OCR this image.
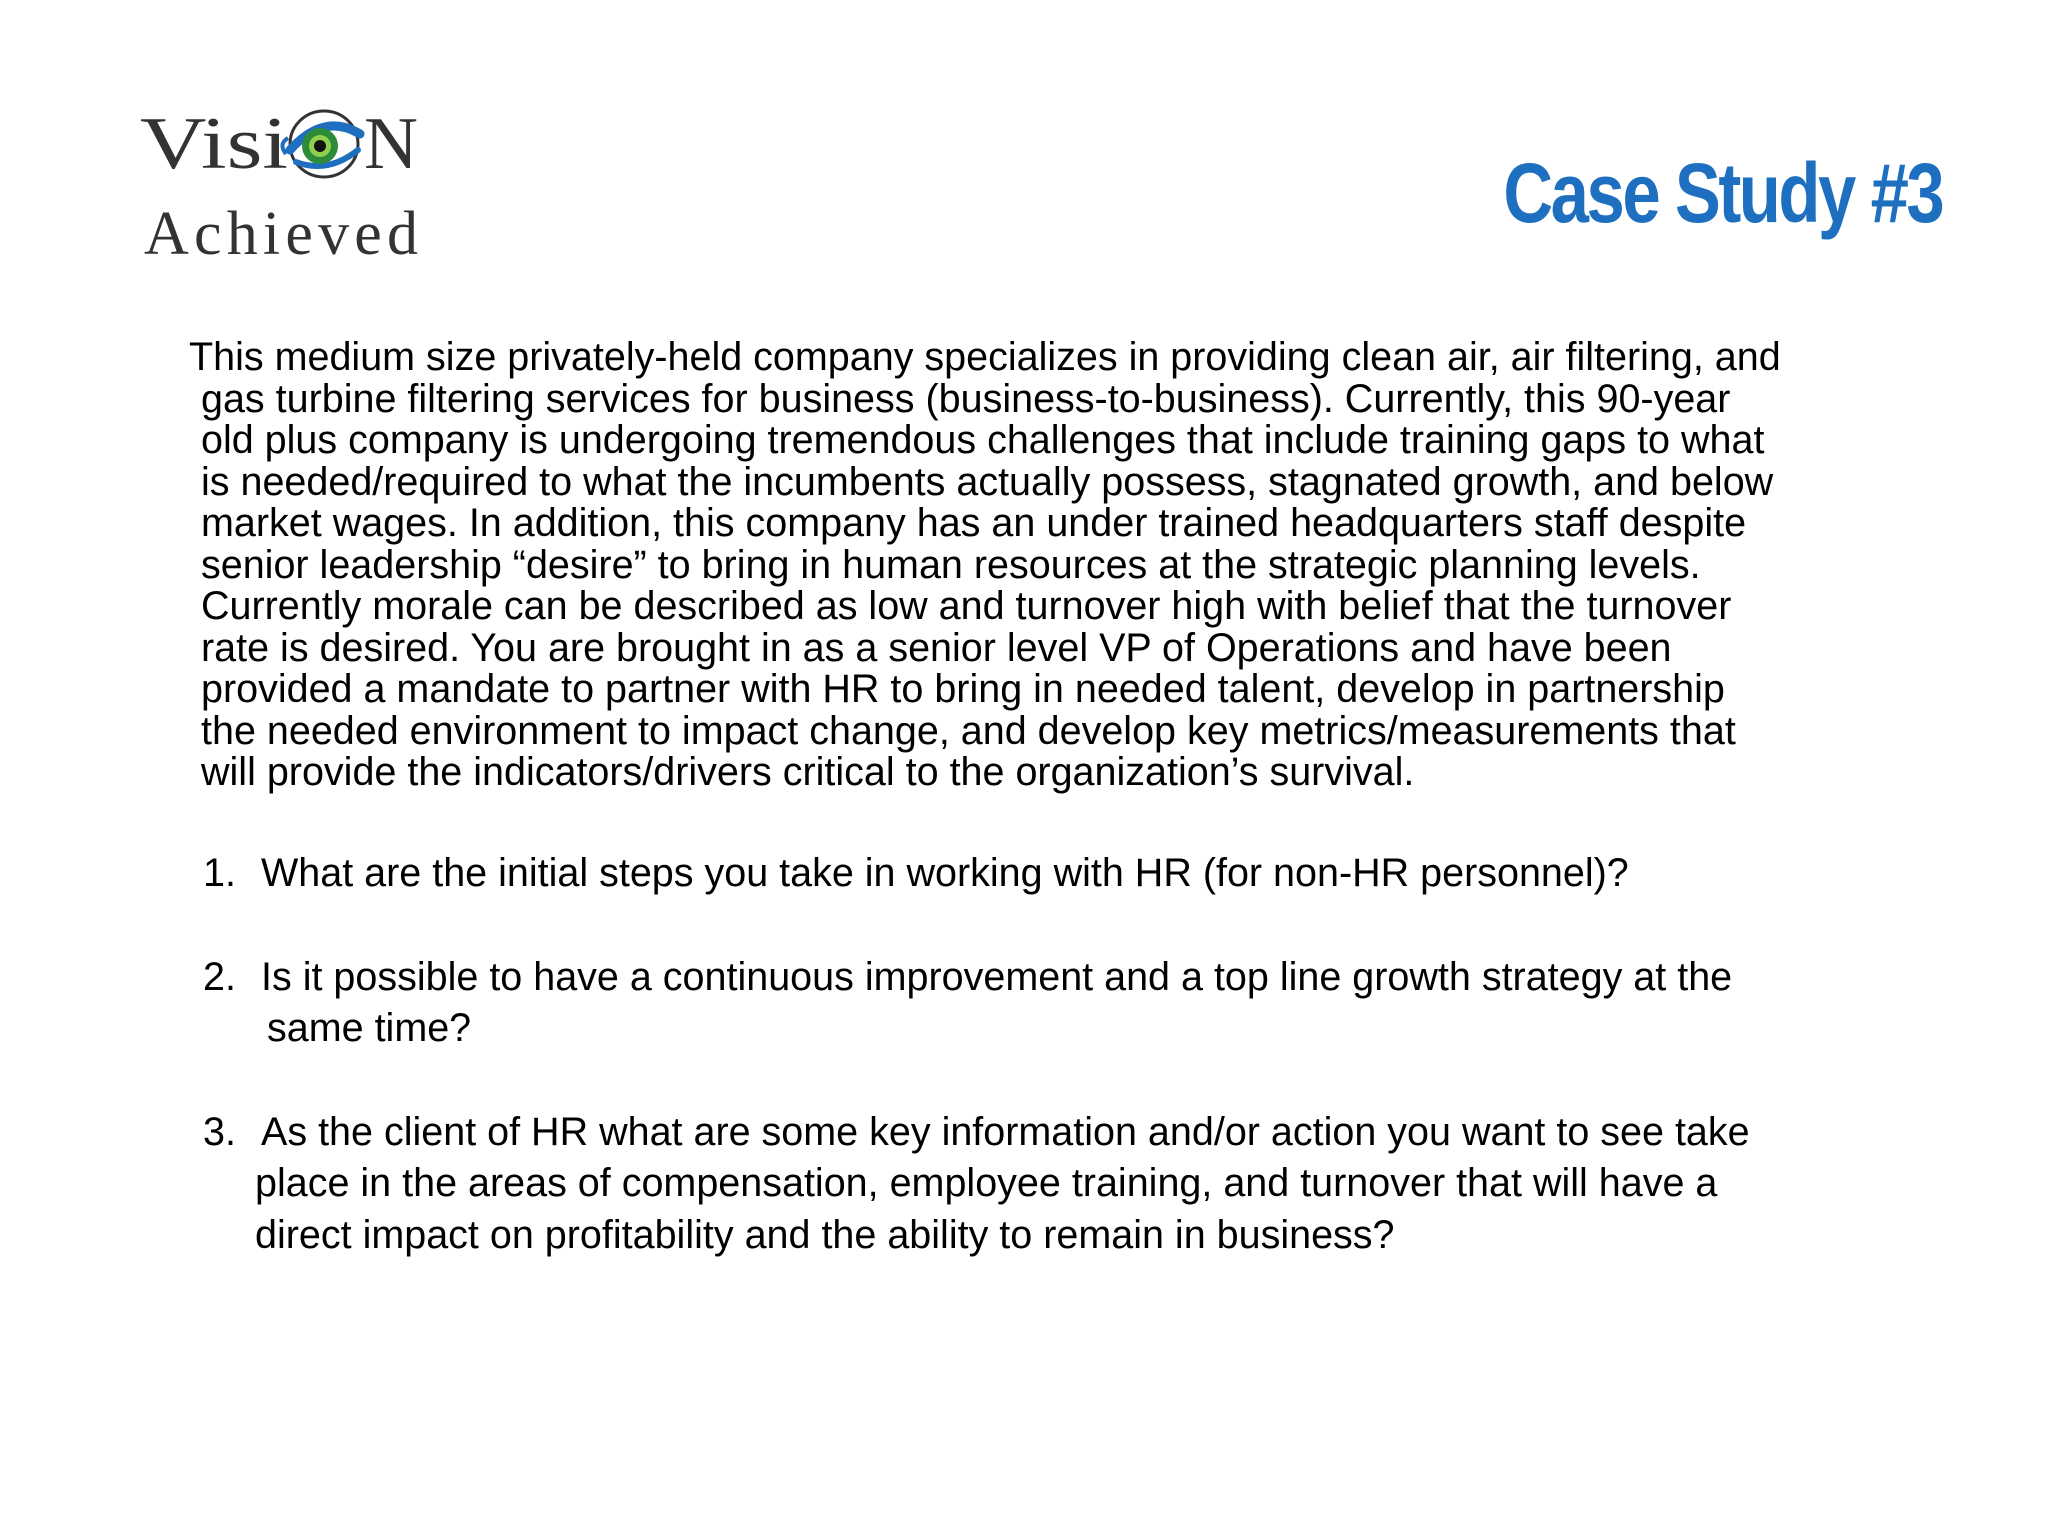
Visi N
Achieved	Case Study #3

This medium size privately-held company specializes in providing clean air, air filtering, and
gas turbine filtering services for business (business-to-business). Currently, this 90-year
old plus company is undergoing tremendous challenges that include training gaps to what
is needed/required to what the incumbents actually possess, stagnated growth, and below
market wages. In addition, this company has an under trained headquarters staff despite
senior leadership “desire” to bring in human resources at the strategic planning levels.
Currently morale can be described as low and turnover high with belief that the turnover
rate is desired. You are brought in as a senior level VP of Operations and have been
provided a mandate to partner with HR to bring in needed talent, develop in partnership
the needed environment to impact change, and develop key metrics/measurements that
will provide the indicators/drivers critical to the organization’s survival.

1. What are the initial steps you take in working with HR (for non-HR personnel)?
2. Is it possible to have a continuous improvement and a top line growth strategy at the
same time?
3. As the client of HR what are some key information and/or action you want to see take
place in the areas of compensation, employee training, and turnover that will have a
direct impact on profitability and the ability to remain in business?
